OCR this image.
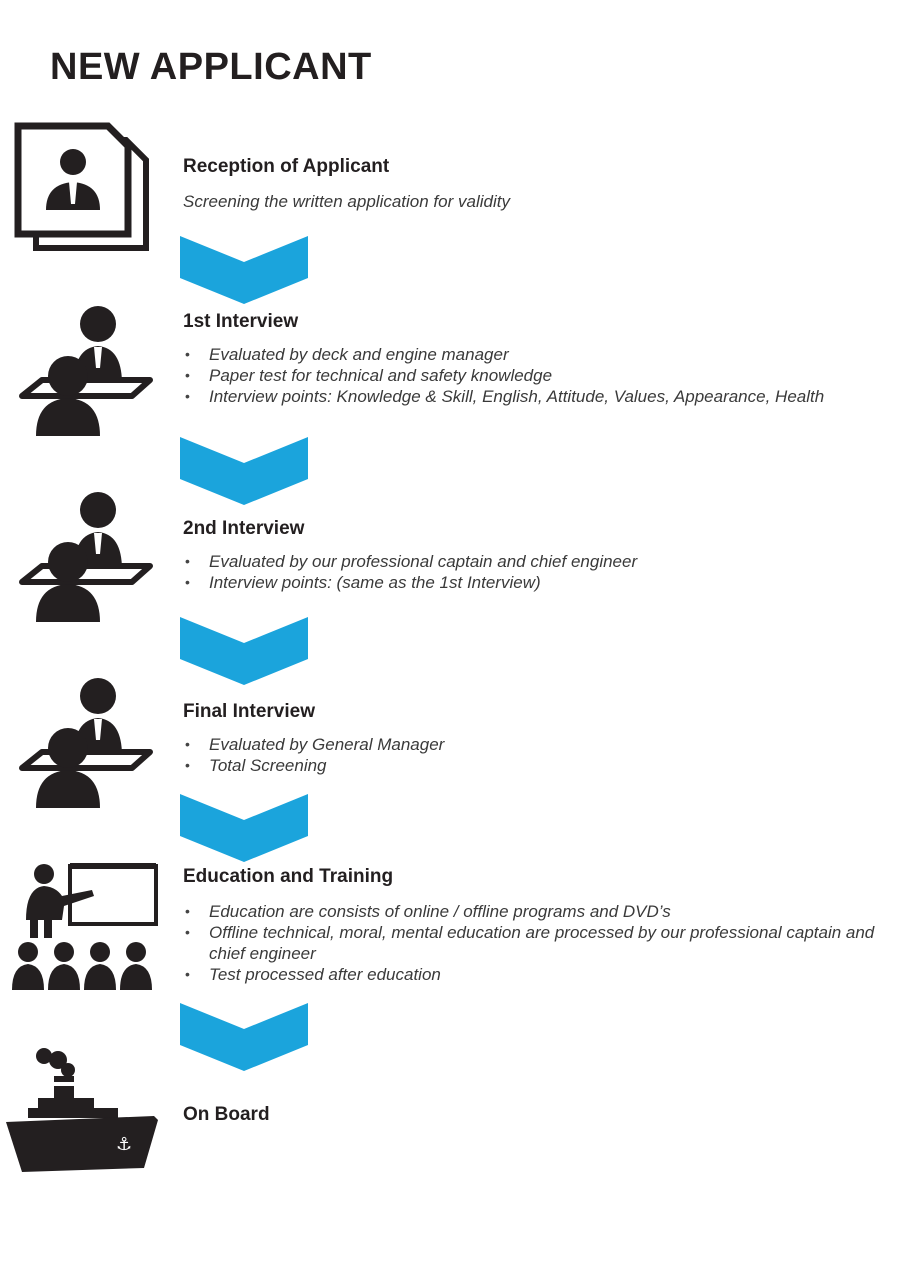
NEW APPLICANT
Reception of Applicant

Screening the written application for validity

1st Interview
• Evaluated by deck and engine manager
• Paper test for technical and safety knowledge
• Interview points: Knowledge & Skill, English, Attitude, Values, Appearance, Health
2nd Interview
• Evaluated by our professional captain and chief engineer
• Interview points: (same as the 1st Interview)
Final Interview
• Evaluated by General Manager
• Total Screening
Education and Training
• Education are consists of online / offline programs and DVD’s
• Offline technical, moral, mental education are processed by our professional captain and chief engineer
• Test processed after education
⚓
On Board
